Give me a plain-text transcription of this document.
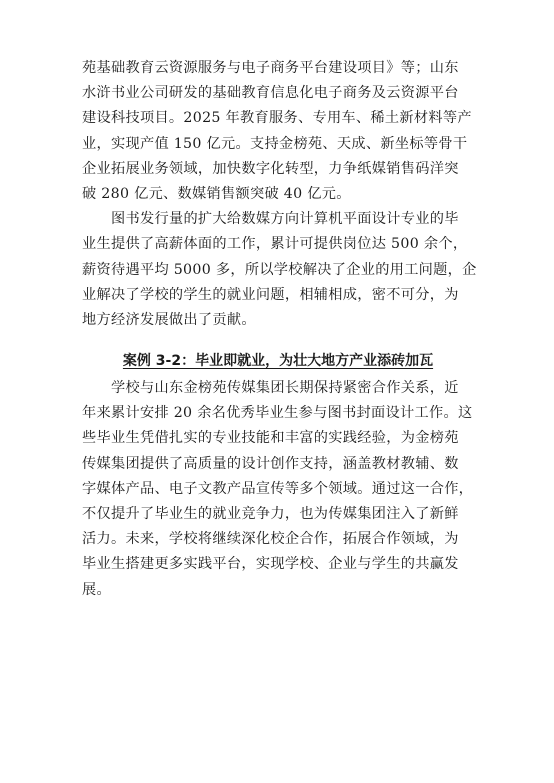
苑基础教育云资源服务与电子商务平台建设项目》等；山东
水浒书业公司研发的基础教育信息化电子商务及云资源平台
建设科技项目。2025 年教育服务、专用车、稀土新材料等产
业，实现产值 150 亿元。支持金榜苑、天成、新坐标等骨干
企业拓展业务领域，加快数字化转型，力争纸媒销售码洋突
破 280 亿元、数媒销售额突破 40 亿元。
图书发行量的扩大给数媒方向计算机平面设计专业的毕
业生提供了高薪体面的工作，累计可提供岗位达 500 余个，
薪资待遇平均 5000 多，所以学校解决了企业的用工问题，企
业解决了学校的学生的就业问题，相辅相成，密不可分，为
地方经济发展做出了贡献。
案例 3-2：毕业即就业，为壮大地方产业添砖加瓦
学校与山东金榜苑传媒集团长期保持紧密合作关系，近
年来累计安排 20 余名优秀毕业生参与图书封面设计工作。这
些毕业生凭借扎实的专业技能和丰富的实践经验，为金榜苑
传媒集团提供了高质量的设计创作支持，涵盖教材教辅、数
字媒体产品、电子文教产品宣传等多个领域。通过这一合作，
不仅提升了毕业生的就业竞争力，也为传媒集团注入了新鲜
活力。未来，学校将继续深化校企合作，拓展合作领域，为
毕业生搭建更多实践平台，实现学校、企业与学生的共赢发
展。
